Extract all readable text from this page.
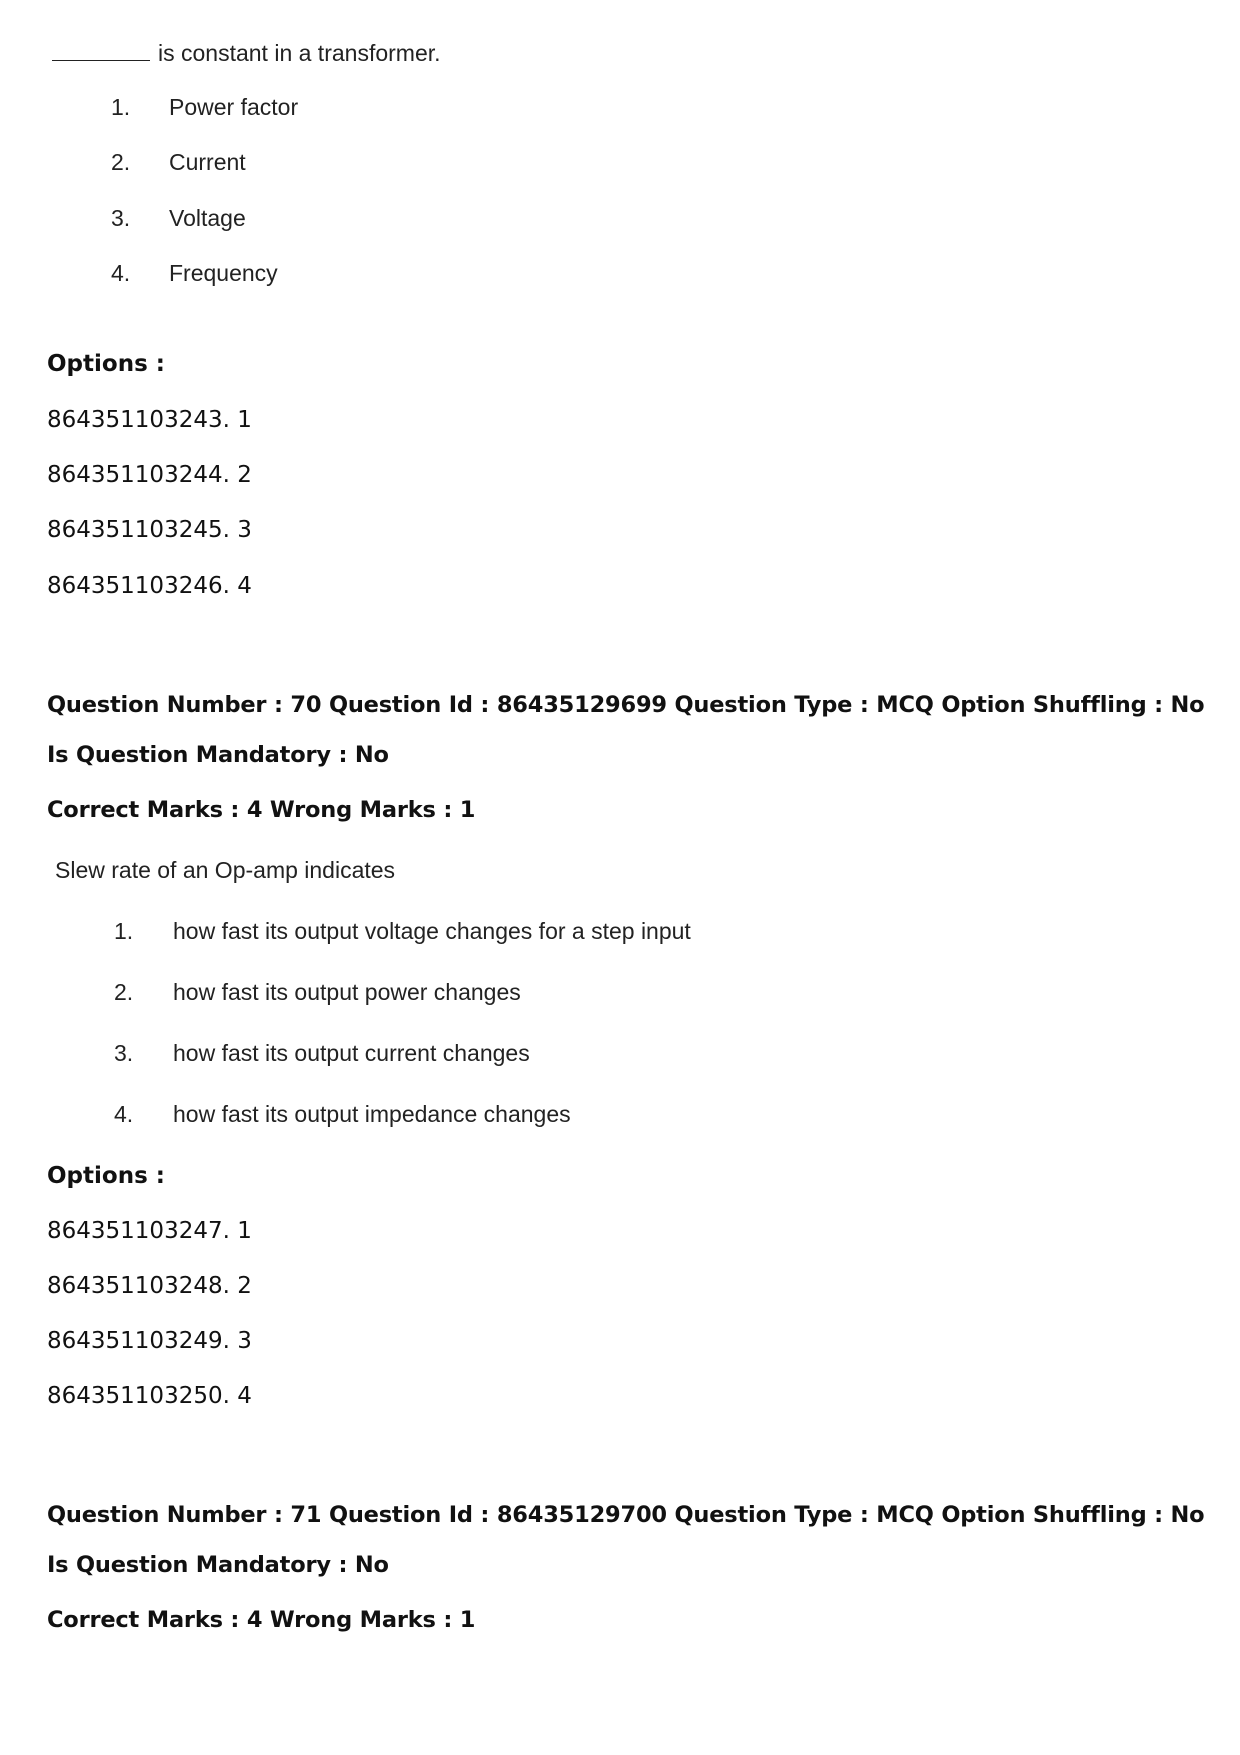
is constant in a transformer.
1. Power factor
2. Current
3. Voltage
4. Frequency
Options :
864351103243. 1
864351103244. 2
864351103245. 3
864351103246. 4
Question Number : 70 Question Id : 86435129699 Question Type : MCQ Option Shuffling : No
Is Question Mandatory : No
Correct Marks : 4 Wrong Marks : 1
Slew rate of an Op-amp indicates
1. how fast its output voltage changes for a step input
2. how fast its output power changes
3. how fast its output current changes
4. how fast its output impedance changes
Options :
864351103247. 1
864351103248. 2
864351103249. 3
864351103250. 4
Question Number : 71 Question Id : 86435129700 Question Type : MCQ Option Shuffling : No
Is Question Mandatory : No
Correct Marks : 4 Wrong Marks : 1
